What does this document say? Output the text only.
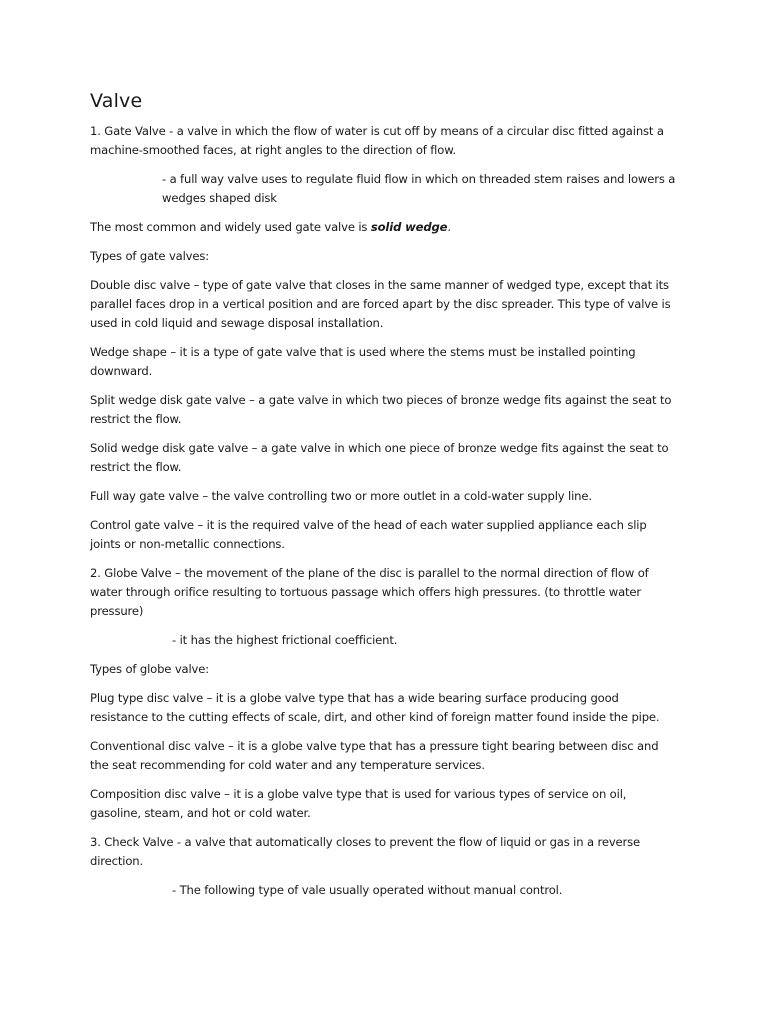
Valve

1. Gate Valve - a valve in which the flow of water is cut off by means of a circular disc fitted against a machine-smoothed faces, at right angles to the direction of flow.

- a full way valve uses to regulate fluid flow in which on threaded stem raises and lowers a wedges shaped disk

The most common and widely used gate valve is solid wedge.

Types of gate valves:

Double disc valve – type of gate valve that closes in the same manner of wedged type, except that its parallel faces drop in a vertical position and are forced apart by the disc spreader. This type of valve is used in cold liquid and sewage disposal installation.

Wedge shape – it is a type of gate valve that is used where the stems must be installed pointing downward.

Split wedge disk gate valve – a gate valve in which two pieces of bronze wedge fits against the seat to restrict the flow.

Solid wedge disk gate valve – a gate valve in which one piece of bronze wedge fits against the seat to restrict the flow.

Full way gate valve – the valve controlling two or more outlet in a cold-water supply line.

Control gate valve – it is the required valve of the head of each water supplied appliance each slip joints or non-metallic connections.

2. Globe Valve – the movement of the plane of the disc is parallel to the normal direction of flow of water through orifice resulting to tortuous passage which offers high pressures. (to throttle water pressure)

- it has the highest frictional coefficient.

Types of globe valve:

Plug type disc valve – it is a globe valve type that has a wide bearing surface producing good resistance to the cutting effects of scale, dirt, and other kind of foreign matter found inside the pipe.

Conventional disc valve – it is a globe valve type that has a pressure tight bearing between disc and the seat recommending for cold water and any temperature services.

Composition disc valve – it is a globe valve type that is used for various types of service on oil, gasoline, steam, and hot or cold water.

3. Check Valve - a valve that automatically closes to prevent the flow of liquid or gas in a reverse direction.

- The following type of vale usually operated without manual control.
